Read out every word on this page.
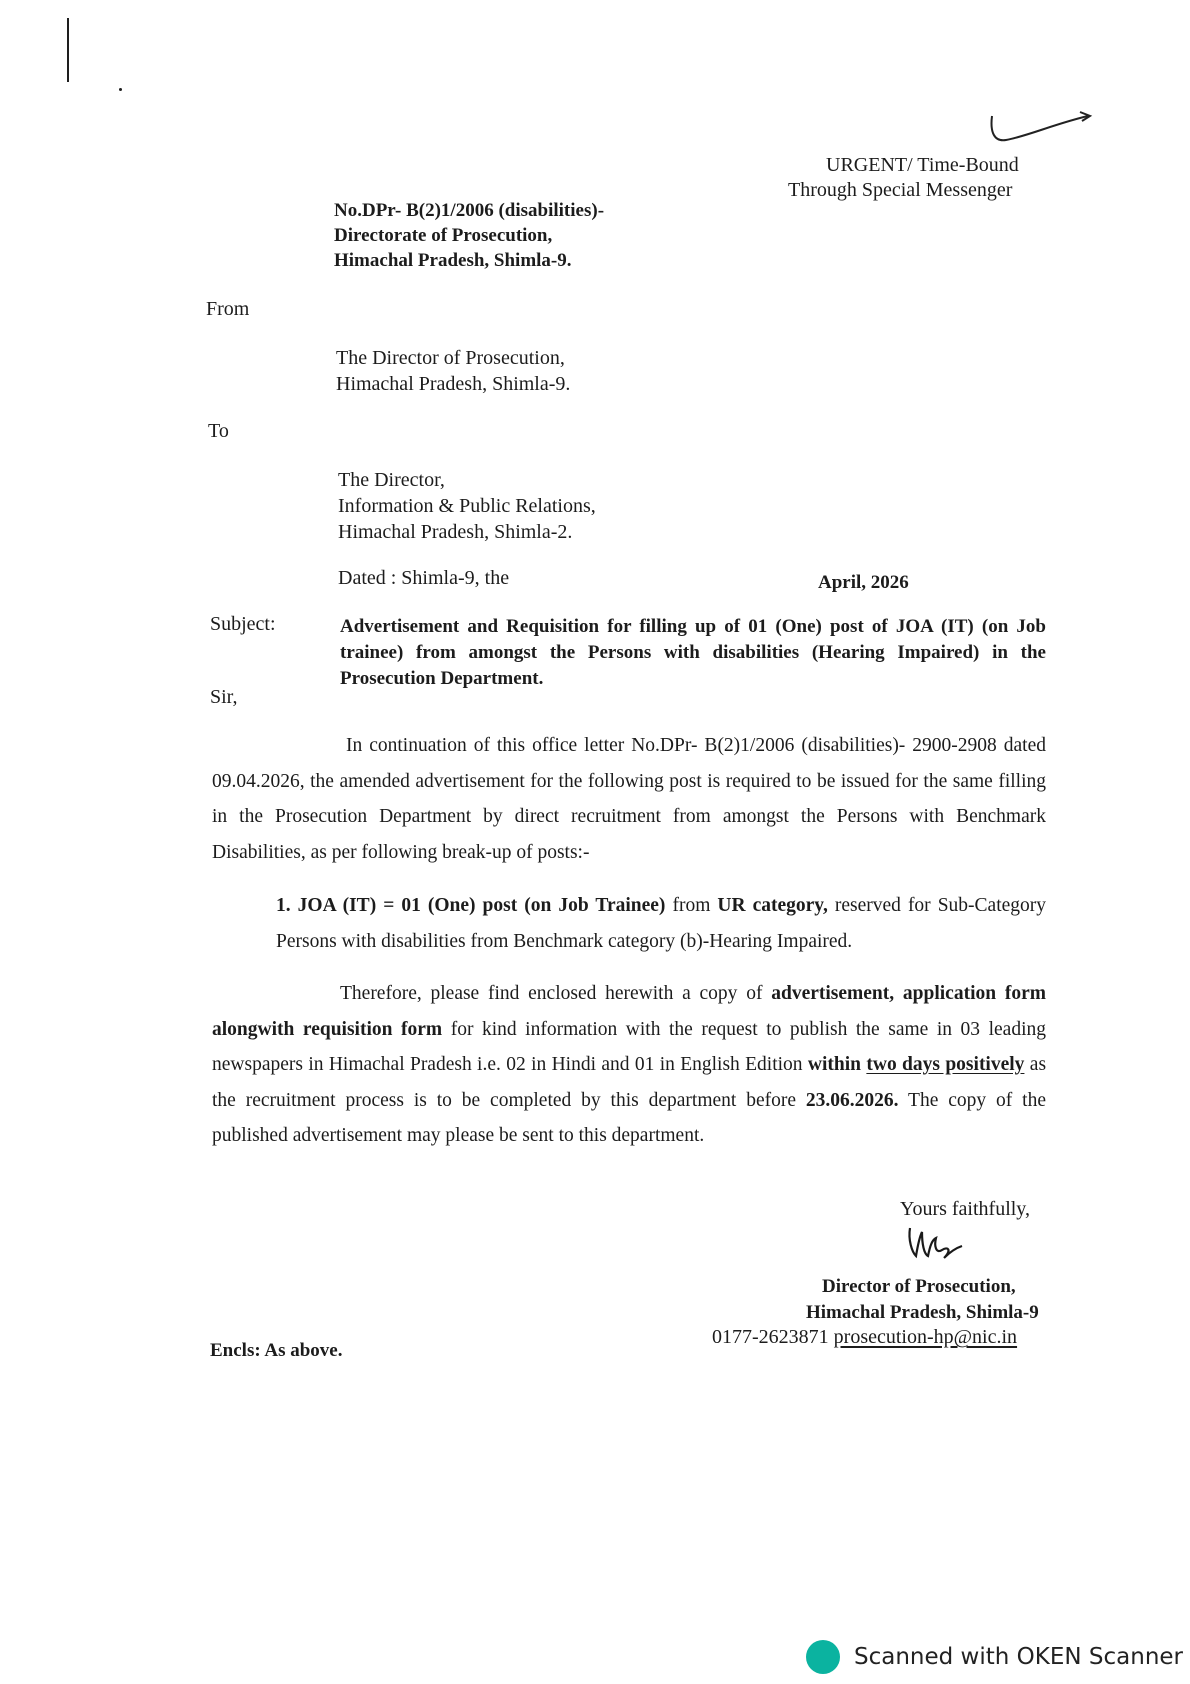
URGENT/ Time-Bound
Through Special Messenger
No.DPr- B(2)1/2006 (disabilities)-
Directorate of Prosecution,
Himachal Pradesh, Shimla-9.
From
The Director of Prosecution,
Himachal Pradesh, Shimla-9.
To
The Director,
Information & Public Relations,
Himachal Pradesh, Shimla-2.
Dated : Shimla-9, the	April, 2026
Subject:	Advertisement and Requisition for filling up of 01 (One) post of JOA (IT) (on Job trainee) from amongst the Persons with disabilities (Hearing Impaired) in the Prosecution Department.
Sir,
In continuation of this office letter No.DPr- B(2)1/2006 (disabilities)- 2900-2908 dated 09.04.2026, the amended advertisement for the following post is required to be issued for the same filling in the Prosecution Department by direct recruitment from amongst the Persons with Benchmark Disabilities, as per following break-up of posts:-
1. JOA (IT) = 01 (One) post (on Job Trainee) from UR category, reserved for Sub-Category Persons with disabilities from Benchmark category (b)-Hearing Impaired.
Therefore, please find enclosed herewith a copy of advertisement, application form alongwith requisition form for kind information with the request to publish the same in 03 leading newspapers in Himachal Pradesh i.e. 02 in Hindi and 01 in English Edition within two days positively as the recruitment process is to be completed by this department before 23.06.2026. The copy of the published advertisement may please be sent to this department.
Yours faithfully,
Director of Prosecution,
Himachal Pradesh, Shimla-9
0177-2623871 prosecution-hp@nic.in
Encls: As above.
Scanned with OKEN Scanner
